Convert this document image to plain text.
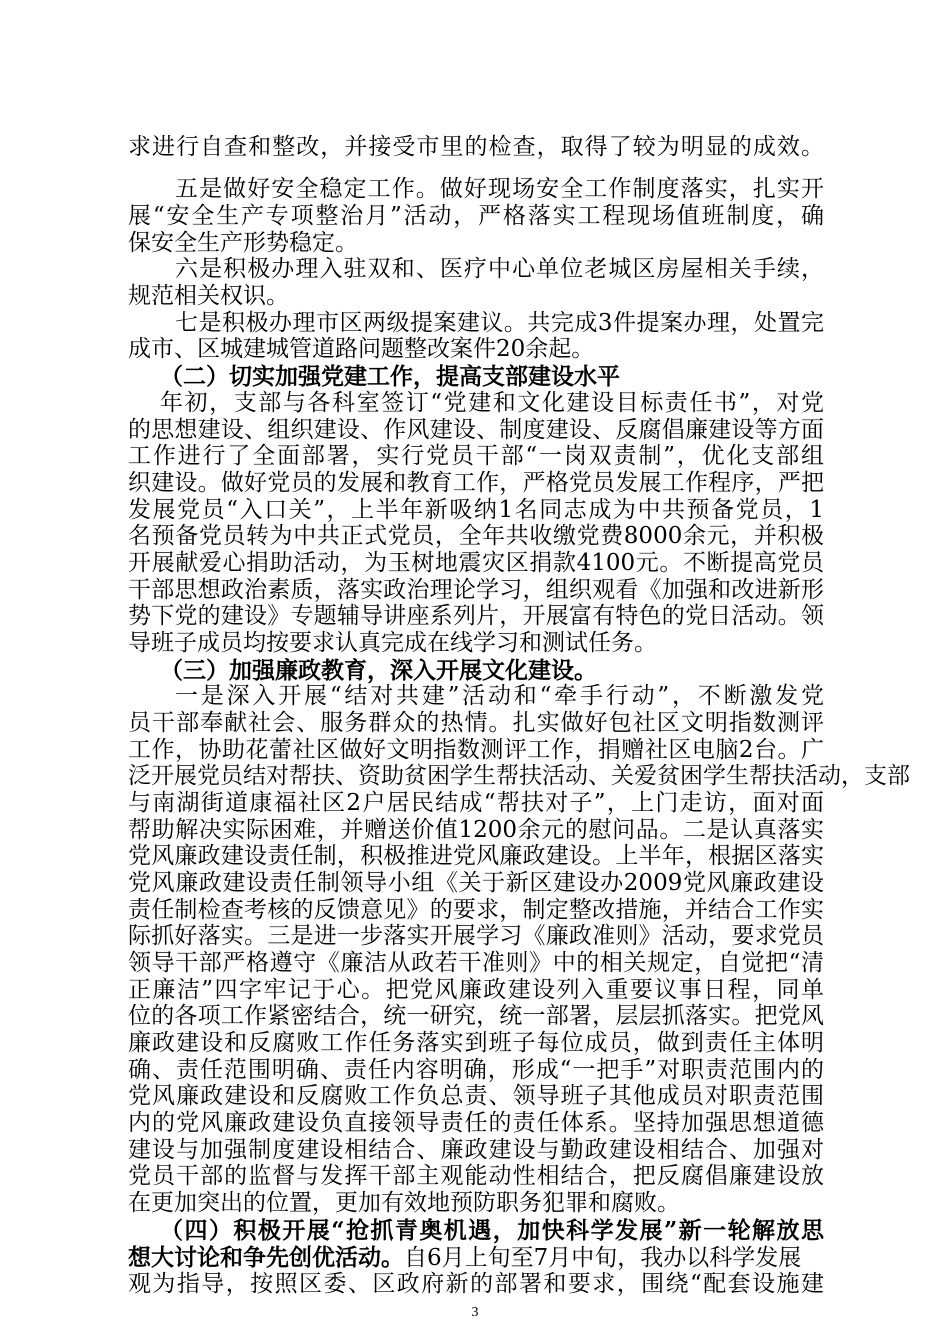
求进行自查和整改，并接受市里的检查，取得了较为明显的成效。
五是做好安全稳定工作。做好现场安全工作制度落实，扎实开
展“安全生产专项整治月”活动，严格落实工程现场值班制度，确
保安全生产形势稳定。
六是积极办理入驻双和、医疗中心单位老城区房屋相关手续，
规范相关权识。
七是积极办理市区两级提案建议。共完成3件提案办理，处置完
成市、区城建城管道路问题整改案件20余起。
（二）切实加强党建工作，提高支部建设水平
年初，支部与各科室签订“党建和文化建设目标责任书”，对党
的思想建设、组织建设、作风建设、制度建设、反腐倡廉建设等方面
工作进行了全面部署，实行党员干部“一岗双责制”，优化支部组
织建设。做好党员的发展和教育工作，严格党员发展工作程序，严把
发展党员“入口关”，上半年新吸纳1名同志成为中共预备党员，1
名预备党员转为中共正式党员，全年共收缴党费8000余元，并积极
开展献爱心捐助活动，为玉树地震灾区捐款4100元。不断提高党员
干部思想政治素质，落实政治理论学习，组织观看《加强和改进新形
势下党的建设》专题辅导讲座系列片，开展富有特色的党日活动。领
导班子成员均按要求认真完成在线学习和测试任务。
（三）加强廉政教育，深入开展文化建设。
一是深入开展“结对共建”活动和“牵手行动”，不断激发党
员干部奉献社会、服务群众的热情。扎实做好包社区文明指数测评
工作，协助花蕾社区做好文明指数测评工作，捐赠社区电脑2台。广
泛开展党员结对帮扶、资助贫困学生帮扶活动、关爱贫困学生帮扶活动，支部
与南湖街道康福社区2户居民结成“帮扶对子”，上门走访，面对面
帮助解决实际困难，并赠送价值1200余元的慰问品。二是认真落实
党风廉政建设责任制，积极推进党风廉政建设。上半年，根据区落实
党风廉政建设责任制领导小组《关于新区建设办2009党风廉政建设
责任制检查考核的反馈意见》的要求，制定整改措施，并结合工作实
际抓好落实。三是进一步落实开展学习《廉政准则》活动，要求党员
领导干部严格遵守《廉洁从政若干准则》中的相关规定，自觉把“清
正廉洁”四字牢记于心。把党风廉政建设列入重要议事日程，同单
位的各项工作紧密结合，统一研究，统一部署，层层抓落实。把党风
廉政建设和反腐败工作任务落实到班子每位成员，做到责任主体明
确、责任范围明确、责任内容明确，形成“一把手”对职责范围内的
党风廉政建设和反腐败工作负总责、领导班子其他成员对职责范围
内的党风廉政建设负直接领导责任的责任体系。坚持加强思想道德
建设与加强制度建设相结合、廉政建设与勤政建设相结合、加强对
党员干部的监督与发挥干部主观能动性相结合，把反腐倡廉建设放
在更加突出的位置，更加有效地预防职务犯罪和腐败。
（四）积极开展“抢抓青奥机遇，加快科学发展”新一轮解放思
想大讨论和争先创优活动。自6月上旬至7月中旬，我办以科学发展
观为指导，按照区委、区政府新的部署和要求，围绕“配套设施建
3
